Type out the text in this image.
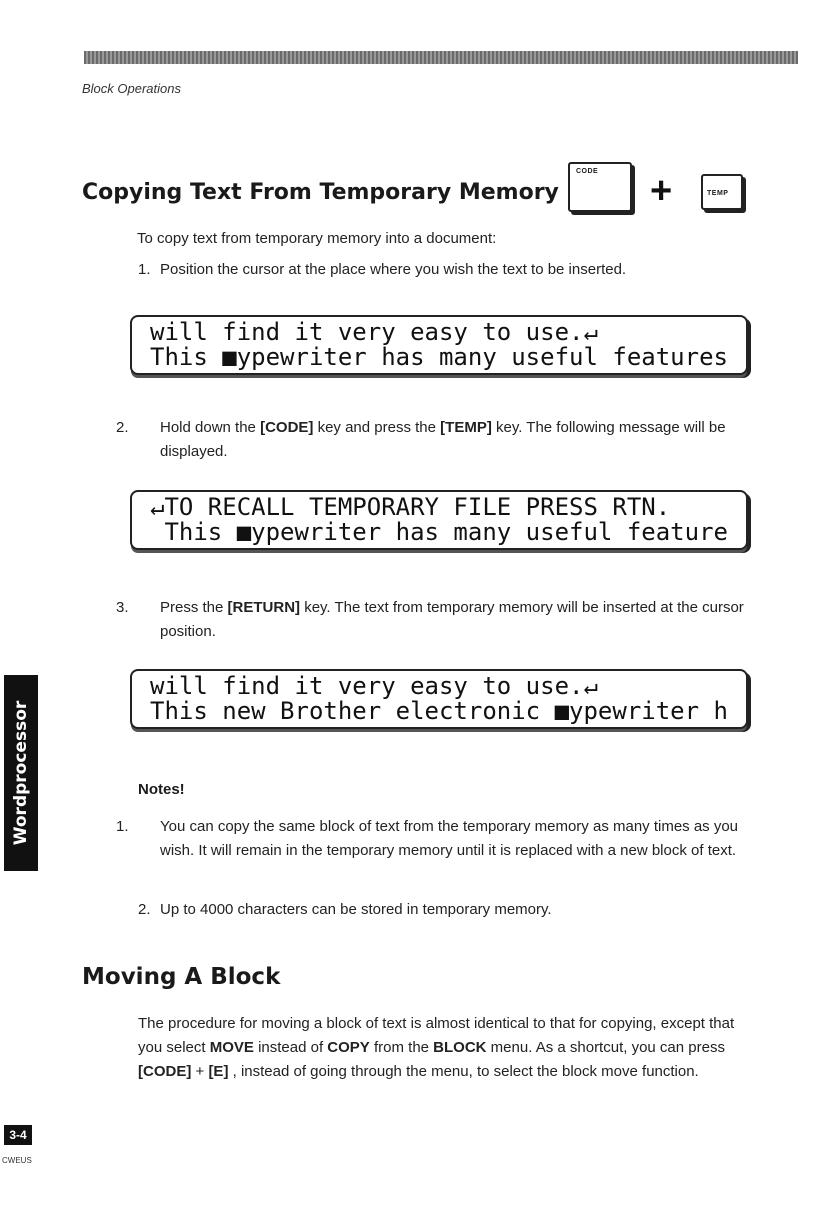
Block Operations
Copying Text From Temporary Memory
CODE +	TEMP
To copy text from temporary memory into a document:
1. Position the cursor at the place where you wish the text to be inserted.
will find it very easy to use.↵
This ■ypewriter has many useful features
2. Hold down the [CODE] key and press the [TEMP] key. The following message will be displayed.
↵TO RECALL TEMPORARY FILE PRESS RTN.
This ■ypewriter has many useful feature
3. Press the [RETURN] key. The text from temporary memory will be inserted at the cursor position.
will find it very easy to use.↵
This new Brother electronic ■ypewriter h
Wordprocessor	Notes!
1. You can copy the same block of text from the temporary memory as many times as you wish. It will remain in the temporary memory until it is replaced with a new block of text.
2. Up to 4000 characters can be stored in temporary memory.
Moving A Block
The procedure for moving a block of text is almost identical to that for copying, except that you select MOVE instead of COPY from the BLOCK menu. As a shortcut, you can press [CODE] + [E] , instead of going through the menu, to select the block move function.
3-4
CWEUS
